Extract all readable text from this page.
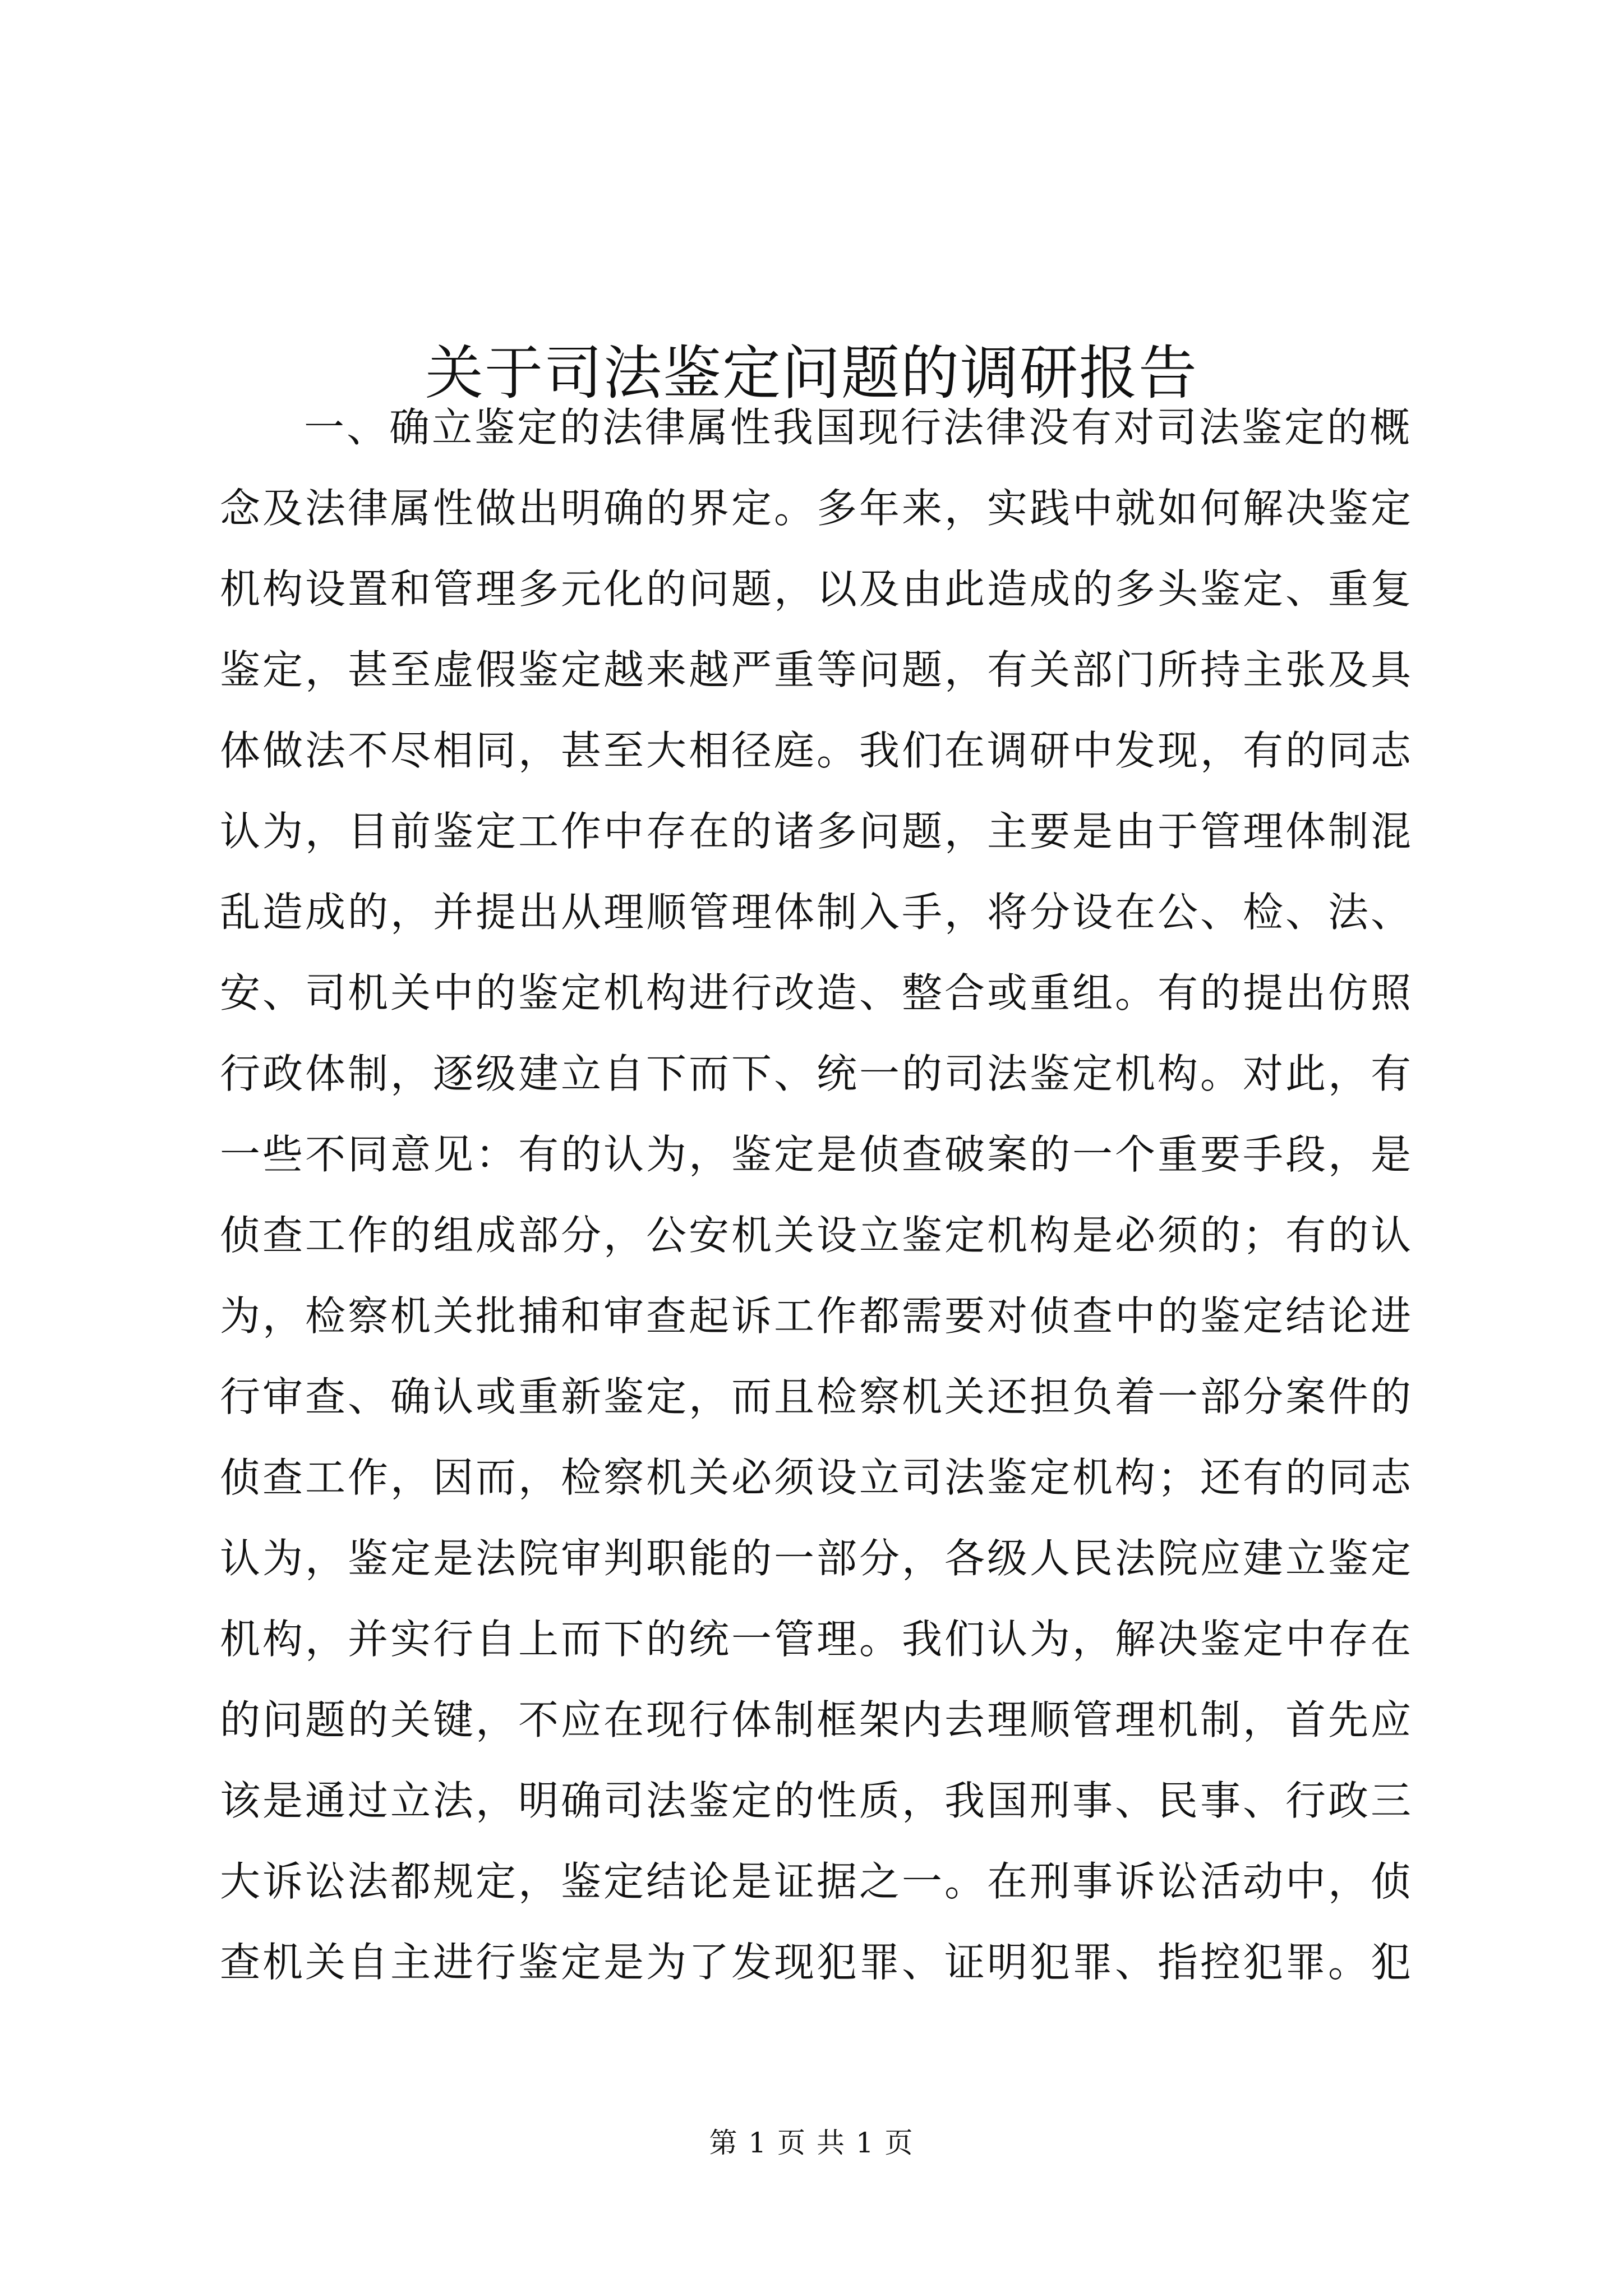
关于司法鉴定问题的调研报告
一、确立鉴定的法律属性我国现行法律没有对司法鉴定的概
念及法律属性做出明确的界定。多年来，实践中就如何解决鉴定
机构设置和管理多元化的问题，以及由此造成的多头鉴定、重复
鉴定，甚至虚假鉴定越来越严重等问题，有关部门所持主张及具
体做法不尽相同，甚至大相径庭。我们在调研中发现，有的同志
认为，目前鉴定工作中存在的诸多问题，主要是由于管理体制混
乱造成的，并提出从理顺管理体制入手，将分设在公、检、法、
安、司机关中的鉴定机构进行改造、整合或重组。有的提出仿照
行政体制，逐级建立自下而下、统一的司法鉴定机构。对此，有
一些不同意见：有的认为，鉴定是侦查破案的一个重要手段，是
侦查工作的组成部分，公安机关设立鉴定机构是必须的；有的认
为，检察机关批捕和审查起诉工作都需要对侦查中的鉴定结论进
行审查、确认或重新鉴定，而且检察机关还担负着一部分案件的
侦查工作，因而，检察机关必须设立司法鉴定机构；还有的同志
认为，鉴定是法院审判职能的一部分，各级人民法院应建立鉴定
机构，并实行自上而下的统一管理。我们认为，解决鉴定中存在
的问题的关键，不应在现行体制框架内去理顺管理机制，首先应
该是通过立法，明确司法鉴定的性质，我国刑事、民事、行政三
大诉讼法都规定，鉴定结论是证据之一。在刑事诉讼活动中，侦
查机关自主进行鉴定是为了发现犯罪、证明犯罪、指控犯罪。犯
第 1 页 共 1 页
